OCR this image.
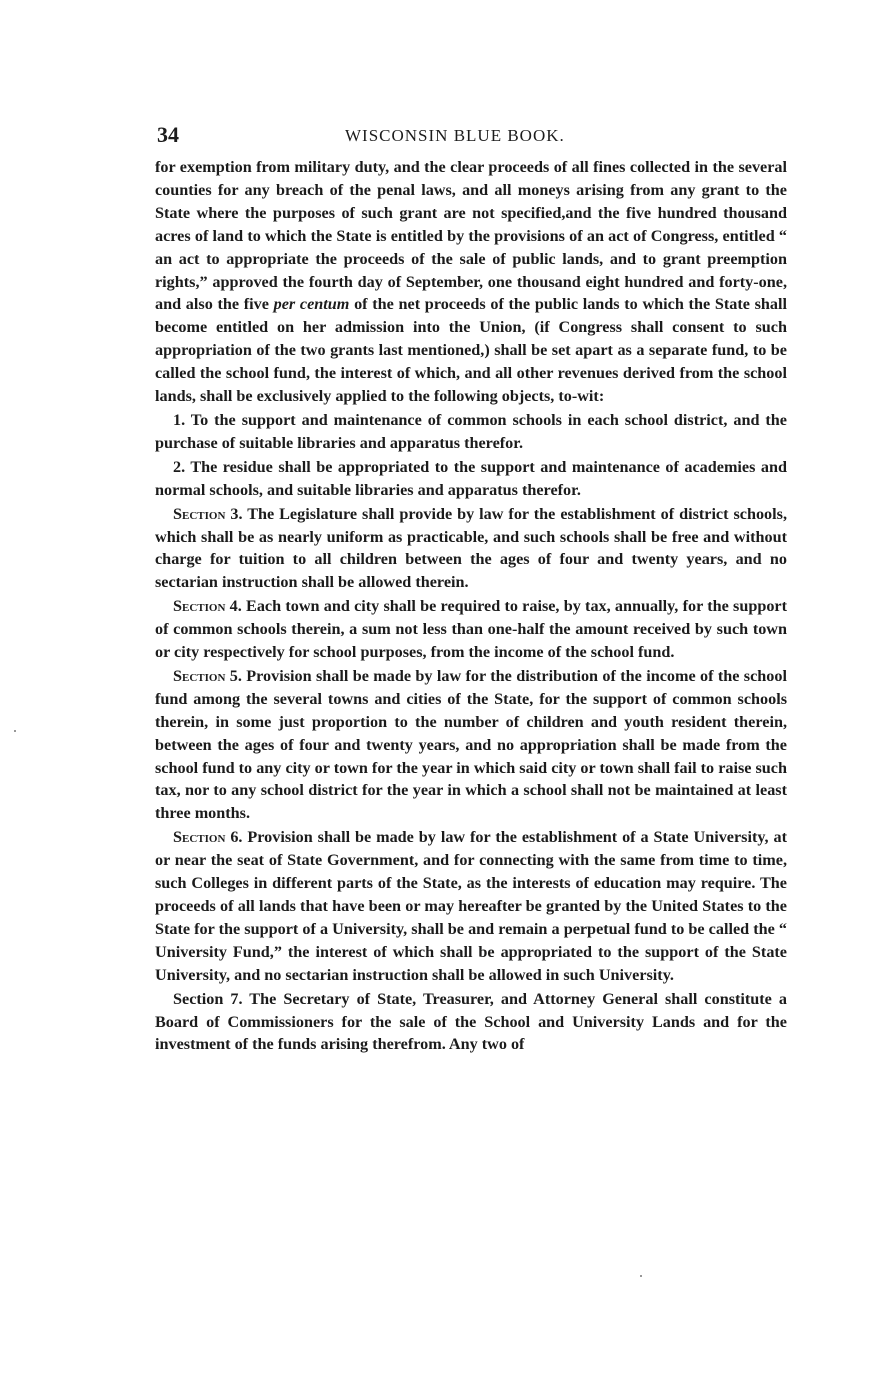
34	WISCONSIN BLUE BOOK.

for exemption from military duty, and the clear proceeds of all fines collected in the several counties for any breach of the penal laws, and all moneys arising from any grant to the State where the purposes of such grant are not specified,and the five hundred thousand acres of land to which the State is entitled by the provisions of an act of Congress, entitled “ an act to appropriate the proceeds of the sale of public lands, and to grant preemption rights,” approved the fourth day of September, one thousand eight hundred and forty-one, and also the five per centum of the net proceeds of the public lands to which the State shall become entitled on her admission into the Union, (if Congress shall consent to such appropriation of the two grants last mentioned,) shall be set apart as a separate fund, to be called the school fund, the interest of which, and all other revenues derived from the school lands, shall be exclusively applied to the following objects, to-wit:

1. To the support and maintenance of common schools in each school district, and the purchase of suitable libraries and apparatus therefor.

2. The residue shall be appropriated to the support and maintenance of academies and normal schools, and suitable libraries and apparatus therefor.

Section 3. The Legislature shall provide by law for the establishment of district schools, which shall be as nearly uniform as practicable, and such schools shall be free and without charge for tuition to all children between the ages of four and twenty years, and no sectarian instruction shall be allowed therein.

Section 4. Each town and city shall be required to raise, by tax, annually, for the support of common schools therein, a sum not less than one-half the amount received by such town or city respectively for school purposes, from the income of the school fund.

Section 5. Provision shall be made by law for the distribution of the income of the school fund among the several towns and cities of the State, for the support of common schools therein, in some just proportion to the number of children and youth resident therein, between the ages of four and twenty years, and no appropriation shall be made from the school fund to any city or town for the year in which said city or town shall fail to raise such tax, nor to any school district for the year in which a school shall not be maintained at least three months.

Section 6. Provision shall be made by law for the establishment of a State University, at or near the seat of State Government, and for connecting with the same from time to time, such Colleges in different parts of the State, as the interests of education may require. The proceeds of all lands that have been or may hereafter be granted by the United States to the State for the support of a University, shall be and remain a perpetual fund to be called the “ University Fund,” the interest of which shall be appropriated to the support of the State University, and no sectarian instruction shall be allowed in such University.

Section 7. The Secretary of State, Treasurer, and Attorney General shall constitute a Board of Commissioners for the sale of the School and University Lands and for the investment of the funds arising therefrom. Any two of
